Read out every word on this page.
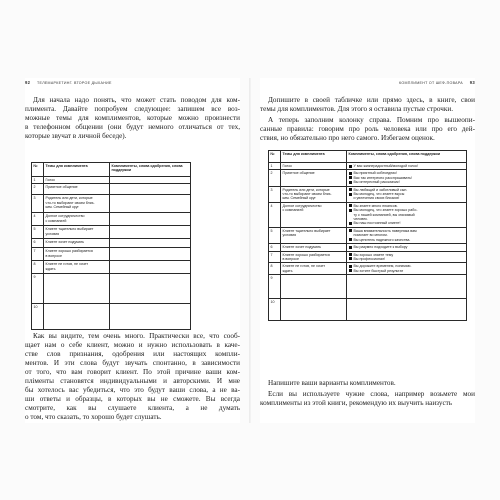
92 ТЕЛЕМАРКЕТИНГ. ВТОРОЕ ДЫХАНИЕ
Для начала надо понять, что может стать поводом для ком-
плимента. Давайте попробуем следующее: запишем все воз-
можные темы для комплиментов, которые можно произнести
в телефонном общении (они будут немного отличаться от тех,
которые звучат в личной беседе).
№	Темы для комплимента	Комплименты, слова одобрения, слова поддержки
1	Голос	

2	Приятное общение	

3	Родитель или дети, которые
что-то выбирают своим близ-
ким. Семейный круг	

4	Долгое сотрудничество
с компанией	

5	Клиент тщательно выбирает
условия	

6	Клиент хочет подумать	

7	Клиент хорошо разбирается
в вопросе	

8	Клиент не готов, не хочет
ждать	

9		
10		
Как вы видите, тем очень много. Практически все, что сооб-
щает нам о себе клиент, можно и нужно использовать в каче-
стве слов признания, одобрения или настоящих компли-
ментов. И эти слова будут звучать спонтанно, в зависимости
от того, что вам говорит клиент. По этой причине ваши ком-
пліменты становятся индивидуальными и авторскими. И мне
бы хотелось вас убедиться, что это будут ваши слова, а не ва-
ши ответы и образцы, в которых вы не сможете. Вы всегда
смотрите, как вы слушаете клиента, а не думать
о том, что сказать, то хорошо будет слушать.
КОМПЛИМЕНТ ОТ ШЕФ-ПОВАРА 93
Допишите в своей табличке или прямо здесь, в книге, свои
темы для комплиментов. Для этого я оставила пустые строчки.
А теперь заполним колонку справа. Помним про вышеопи-
санные правила: говорим про роль человека или про его дей-
ствия, но обязательно про него самого. Избегаем оценок.
№	Темы для комплимента	Комплименты, слова одобрения, слова поддержки
1	Голос	У вас жизнерадостный/молодой голос!

2	Приятное общение	Вы приятный собеседник!
Вас так интересно расспрашивать!
Вы интересный рассказчик!

3	Родитель или дети, которые
что-то выбирают своим близ-
ким. Семейный круг	Вы любящий и заботливый сын.
Вы молодец, что знаете вкусы
и увлечения своих близких!

4	Долгое сотрудничество
с компанией	Вы знаете много нюансов.
Вы молодец, что знаете хорошо рабо-
ту с нашей компанией, вы значимый
человек.
Вы наш постоянный клиент!

5	Клиент тщательно выбирает
условия	Ваша внимательность наверняка вам
помогает во многом.
Вы ценитель надежного качества.

6	Клиент хочет подумать	Вы разумно подходите к выбору

7	Клиент хорошо разбирается
в вопросе	Вы хорошо знаете тему
Вы профессионал!

8	Клиент не готов, не хочет
ждать	Вы дорожите временем, понимаю.
Вы хотите быстрый результат

9		
10		
Напишите ваши варианты комплиментов.
Если вы используете чужие слова, например возьмете мои
комплименты из этой книги, рекомендую их выучить наизусть
